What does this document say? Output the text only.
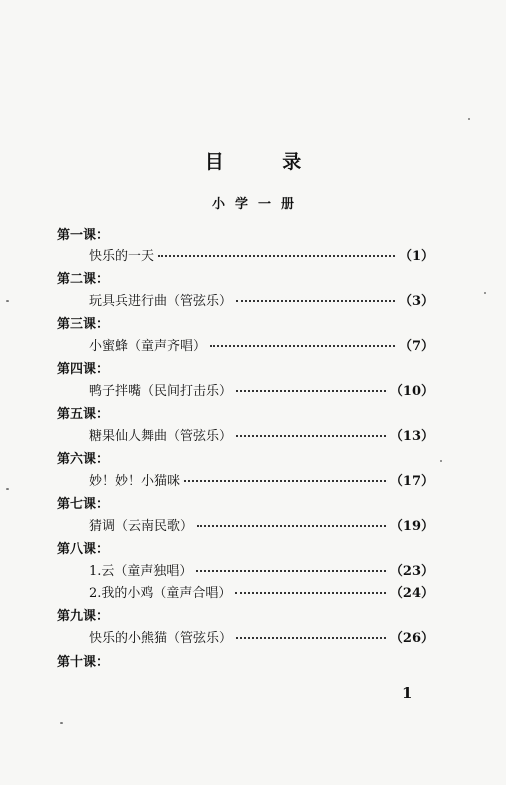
目 录
小学一册
第一课：
快乐的一天	（1）
第二课：
玩具兵进行曲（管弦乐）	（3）
第三课：
小蜜蜂（童声齐唱）	（7）
第四课：
鸭子拌嘴（民间打击乐）	（10）
第五课：
糖果仙人舞曲（管弦乐）	（13）
第六课：
妙！妙！小猫咪	（17）
第七课：
猜调（云南民歌）	（19）
第八课：
1.云（童声独唱）	（23）
2.我的小鸡（童声合唱）	（24）
第九课：
快乐的小熊猫（管弦乐）	（26）
第十课：
1
